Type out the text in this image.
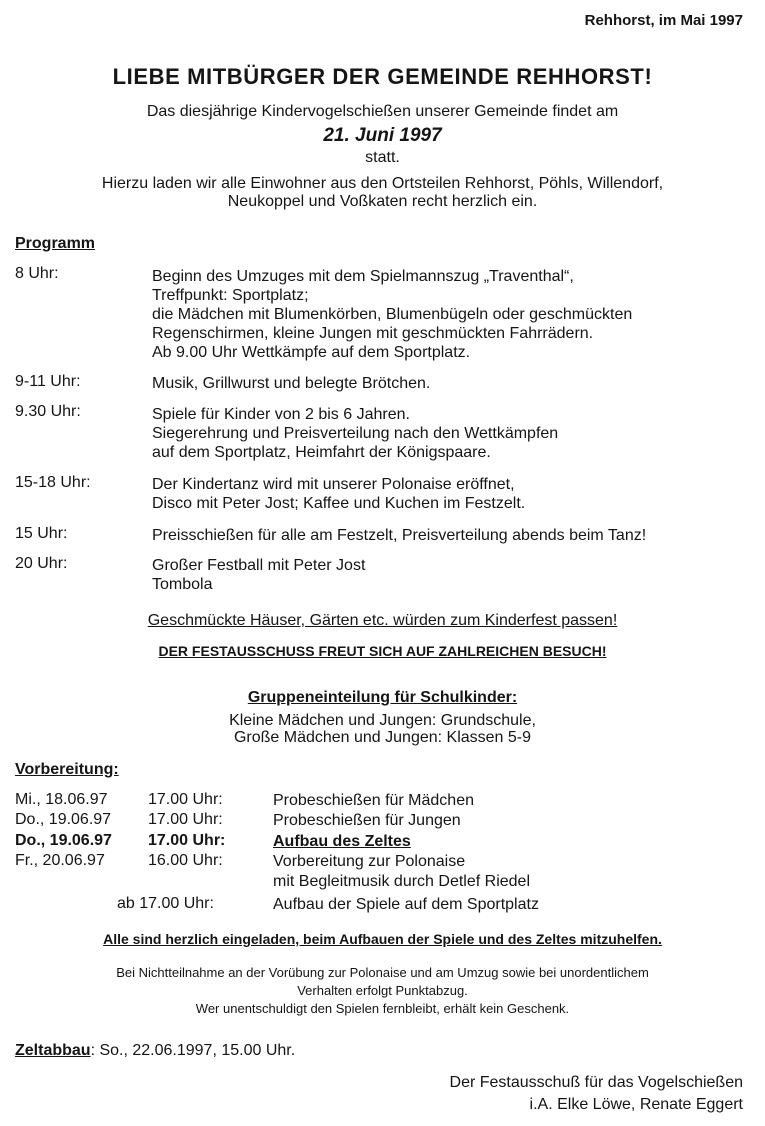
Rehhorst, im Mai 1997
LIEBE MITBÜRGER DER GEMEINDE REHHORST!
Das diesjährige Kindervogelschießen unserer Gemeinde findet am
21. Juni 1997
statt.
Hierzu laden wir alle Einwohner aus den Ortsteilen Rehhorst, Pöhls, Willendorf,
Neukoppel und Voßkaten recht herzlich ein.
Programm
8 Uhr:	Beginn des Umzuges mit dem Spielmannszug „Traventhal“,
Treffpunkt: Sportplatz;
die Mädchen mit Blumenkörben, Blumenbügeln oder geschmückten
Regenschirmen, kleine Jungen mit geschmückten Fahrrädern.
Ab 9.00 Uhr Wettkämpfe auf dem Sportplatz.
9-11 Uhr:	Musik, Grillwurst und belegte Brötchen.
9.30 Uhr:	Spiele für Kinder von 2 bis 6 Jahren.
Siegerehrung und Preisverteilung nach den Wettkämpfen
auf dem Sportplatz, Heimfahrt der Königspaare.
15-18 Uhr:	Der Kindertanz wird mit unserer Polonaise eröffnet,
Disco mit Peter Jost; Kaffee und Kuchen im Festzelt.
15 Uhr:	Preisschießen für alle am Festzelt, Preisverteilung abends beim Tanz!
20 Uhr:	Großer Festball mit Peter Jost
Tombola
Geschmückte Häuser, Gärten etc. würden zum Kinderfest passen!
DER FESTAUSSCHUSS FREUT SICH AUF ZAHLREICHEN BESUCH!
Gruppeneinteilung für Schulkinder:
Kleine Mädchen und Jungen: Grundschule,
Große Mädchen und Jungen: Klassen 5-9
Vorbereitung:
Mi., 18.06.97	17.00 Uhr:	Probeschießen für Mädchen
Do., 19.06.97 17.00 Uhr:	Probeschießen für Jungen
Do., 19.06.97 17.00 Uhr:	Aufbau des Zeltes
Fr., 20.06.97	16.00 Uhr:	Vorbereitung zur Polonaise
mit Begleitmusik durch Detlef Riedel
ab 17.00 Uhr:	Aufbau der Spiele auf dem Sportplatz
Alle sind herzlich eingeladen, beim Aufbauen der Spiele und des Zeltes mitzuhelfen.
Bei Nichtteilnahme an der Vorübung zur Polonaise und am Umzug sowie bei unordentlichem
Verhalten erfolgt Punktabzug.
Wer unentschuldigt den Spielen fernbleibt, erhält kein Geschenk.
Zeltabbau: So., 22.06.1997, 15.00 Uhr.
Der Festausschuß für das Vogelschießen
i.A. Elke Löwe, Renate Eggert
